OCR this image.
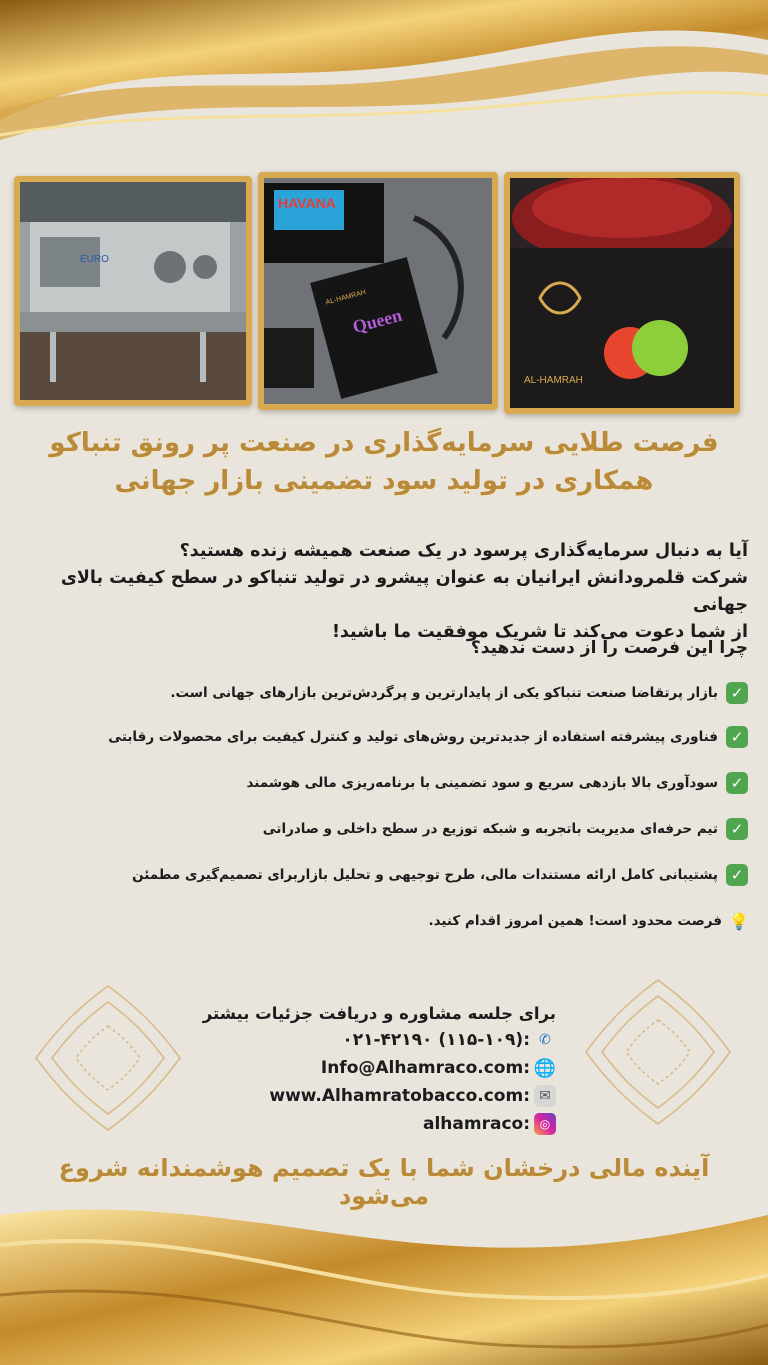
EURO
HAVANA
Queen
AL-HAMRAH
AL-HAMRAH
فرصت طلایی سرمایه‌گذاری در صنعت پر رونق تنباکو
همکاری در تولید سود تضمینی بازار جهانی
آیا به دنبال سرمایه‌گذاری پرسود در یک صنعت همیشه زنده هستید؟
شرکت قلمرودانش ایرانیان به عنوان پیشرو در تولید تنباکو در سطح کیفیت بالای جهانی
از شما دعوت می‌کند تا شریک موفقیت ما باشید!
چرا این فرصت را از دست ندهید؟
✓
بازار پرتقاضا صنعت تنباکو یکی از پایدارترین و پرگردش‌ترین بازارهای جهانی است.
✓
فناوری پیشرفته استفاده از جدیدترین روش‌های تولید و کنترل کیفیت برای محصولات رقابتی
✓
سودآوری بالا بازدهی سریع و سود تضمینی با برنامه‌ریزی مالی هوشمند
✓
تیم حرفه‌ای مدیریت باتجربه و شبکه توزیع در سطح داخلی و صادراتی
✓
پشتیبانی کامل ارائه مستندات مالی، طرح توجیهی و تحلیل بازاربرای تصمیم‌گیری مطمئن
💡
فرصت محدود است! همین امروز اقدام کنید.
برای جلسه مشاوره و دریافت جزئیات بیشتر
✆
:(۱۱۵-۱۰۹) ۰۲۱-۴۲۱۹۰
🌐
Info@Alhamraco.com:
✉
www.Alhamratobacco.com:
◎
alhamraco:
آینده مالی درخشان شما با یک تصمیم هوشمندانه شروع می‌شود
